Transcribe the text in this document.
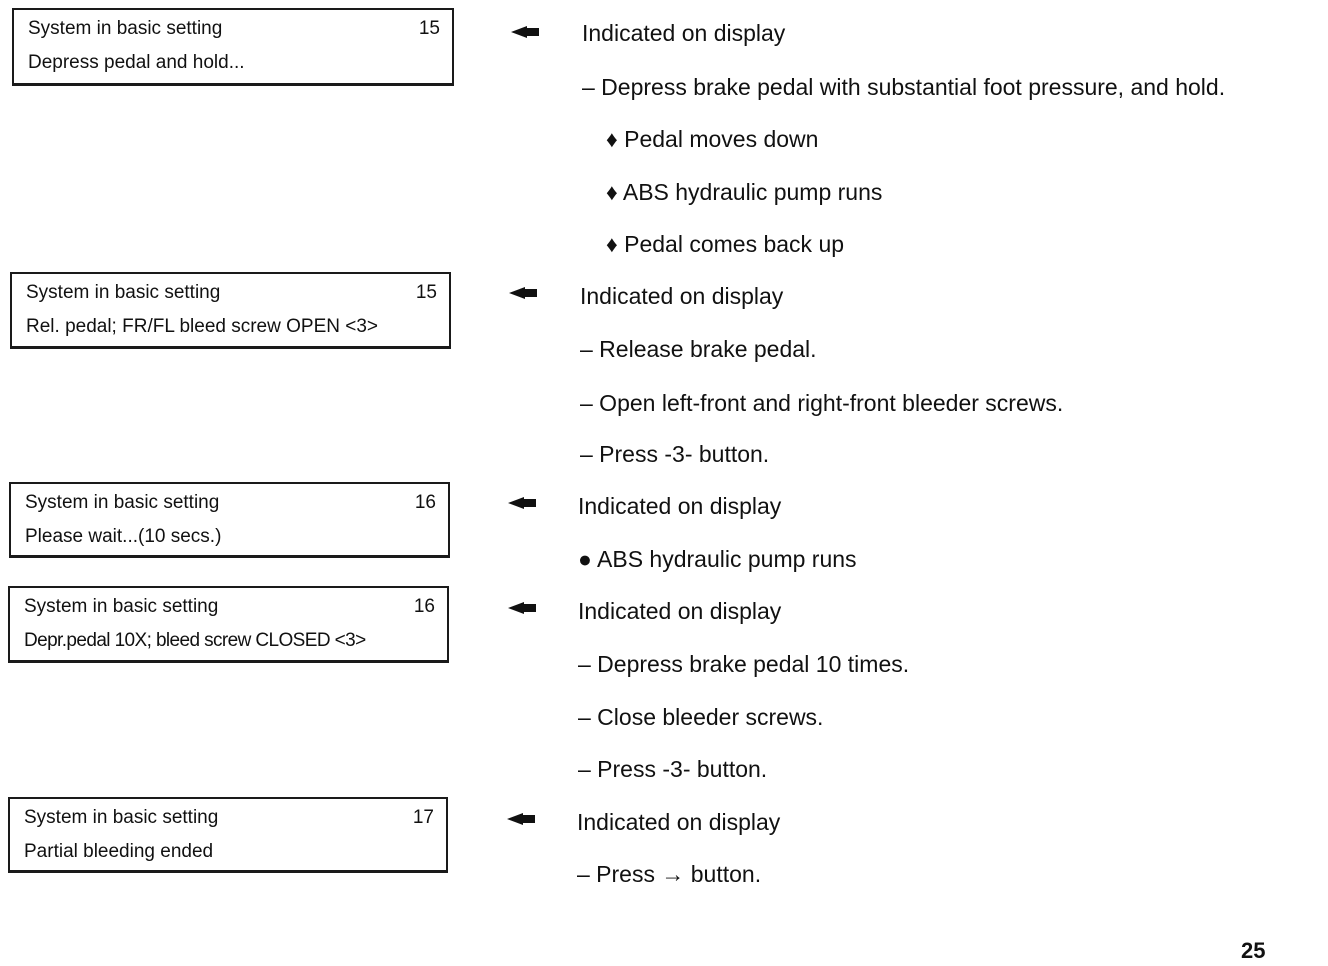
System in basic setting	15
Depress pedal and hold...
Indicated on display
– Depress brake pedal with substantial foot pressure, and hold.
♦ Pedal moves down
♦ ABS hydraulic pump runs
♦ Pedal comes back up
System in basic setting	15
Rel. pedal; FR/FL bleed screw OPEN <3>
Indicated on display
– Release brake pedal.
– Open left-front and right-front bleeder screws.
– Press -3- button.
System in basic setting	16
Please wait...(10 secs.)
Indicated on display
● ABS hydraulic pump runs
System in basic setting	16
Depr.pedal 10X; bleed screw CLOSED <3>
Indicated on display
– Depress brake pedal 10 times.
– Close bleeder screws.
– Press -3- button.
System in basic setting	17
Partial bleeding ended
Indicated on display
– Press → button.
25
